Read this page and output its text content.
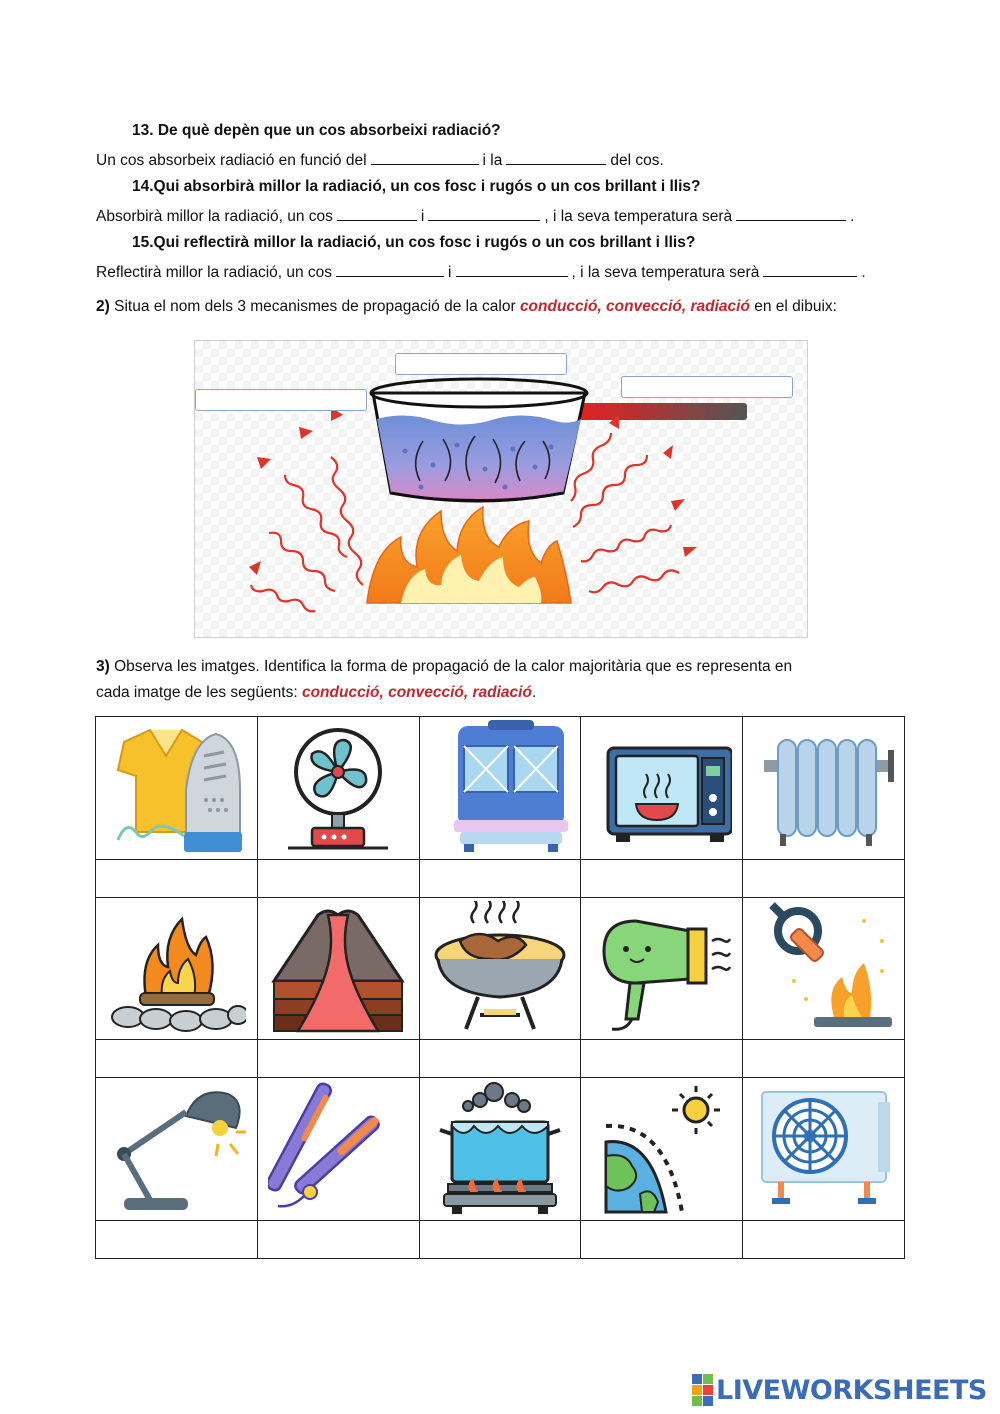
13. De què depèn que un cos absorbeixi radiació?
Un cos absorbeix radiació en funció del	i la	del cos.
14.Qui absorbirà millor la radiació, un cos fosc i rugós o un cos brillant i llis?
Absorbirà millor la radiació, un cos	i	, i la seva temperatura serà	.
15.Qui reflectirà millor la radiació, un cos fosc i rugós o un cos brillant i llis?
Reflectirà millor la radiació, un cos	i	, i la seva temperatura serà	.
2) Situa el nom dels 3 mecanismes de propagació de la calor conducció, convecció, radiació en el dibuix:
3) Observa les imatges. Identifica la forma de propagació de la calor majoritària que es representa en
cada imatge de les següents: conducció, convecció, radiació.

LIVEWORKSHEETS
